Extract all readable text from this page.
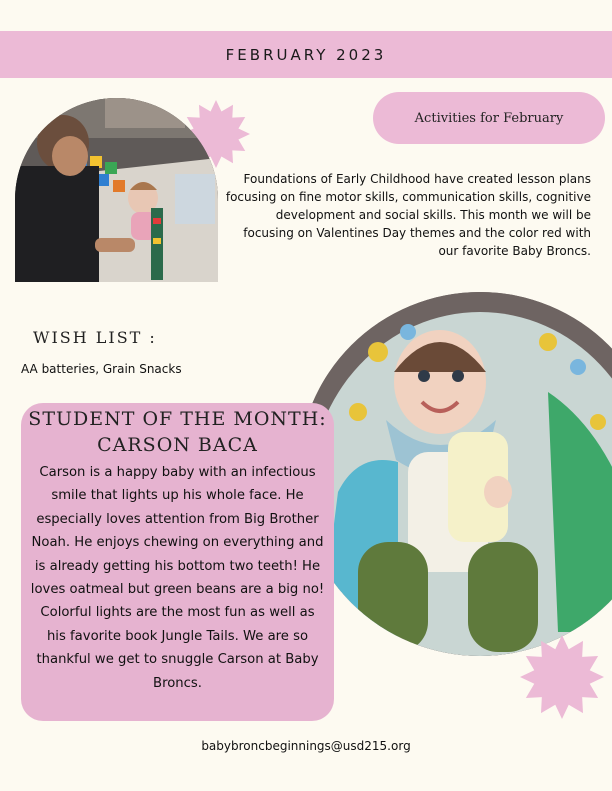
FEBRUARY 2023
Activities for February
Foundations of Early Childhood have created lesson plans focusing on fine motor skills, communication skills, cognitive development and social skills. This month we will be focusing on Valentines Day themes and the color red with our favorite Baby Broncs.
WISH LIST :
AA batteries, Grain Snacks
STUDENT OF THE MONTH:
CARSON BACA
Carson is a happy baby with an infectious smile that lights up his whole face. He especially loves attention from Big Brother Noah. He enjoys chewing on everything and is already getting his bottom two teeth! He loves oatmeal but green beans are a big no! Colorful lights are the most fun as well as his favorite book Jungle Tails. We are so thankful we get to snuggle Carson at Baby Broncs.
babybroncbeginnings@usd215.org
